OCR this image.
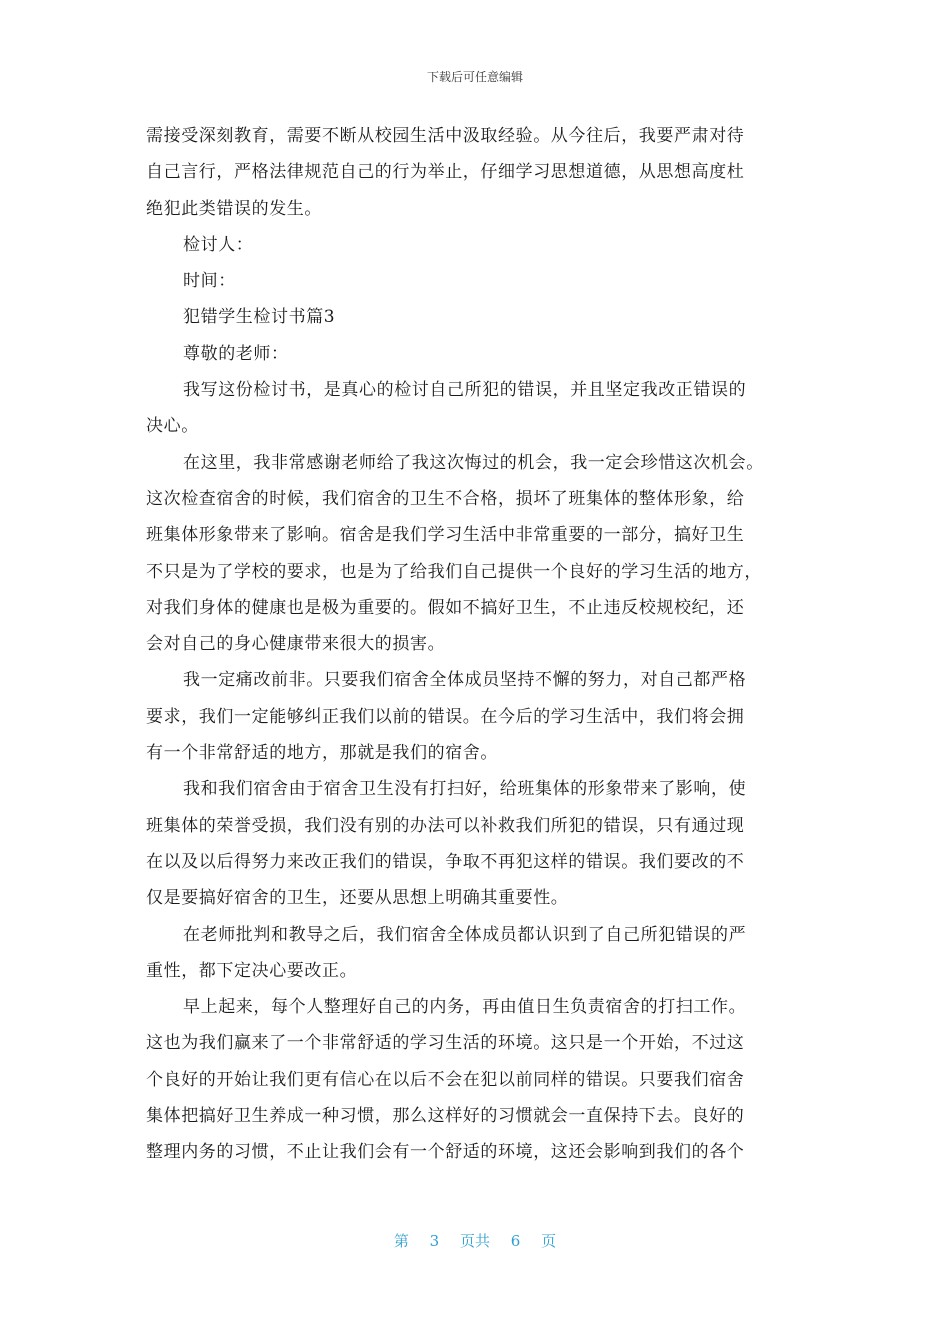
下载后可任意编辑
需接受深刻教育，需要不断从校园生活中汲取经验。从今往后，我要严肃对待
自己言行，严格法律规范自己的行为举止，仔细学习思想道德，从思想高度杜
绝犯此类错误的发生。
检讨人：
时间：
犯错学生检讨书篇3
尊敬的老师：
我写这份检讨书，是真心的检讨自己所犯的错误，并且坚定我改正错误的
决心。
在这里，我非常感谢老师给了我这次悔过的机会，我一定会珍惜这次机会。
这次检查宿舍的时候，我们宿舍的卫生不合格，损坏了班集体的整体形象，给
班集体形象带来了影响。宿舍是我们学习生活中非常重要的一部分，搞好卫生
不只是为了学校的要求，也是为了给我们自己提供一个良好的学习生活的地方，
对我们身体的健康也是极为重要的。假如不搞好卫生，不止违反校规校纪，还
会对自己的身心健康带来很大的损害。
我一定痛改前非。只要我们宿舍全体成员坚持不懈的努力，对自己都严格
要求，我们一定能够纠正我们以前的错误。在今后的学习生活中，我们将会拥
有一个非常舒适的地方，那就是我们的宿舍。
我和我们宿舍由于宿舍卫生没有打扫好，给班集体的形象带来了影响，使
班集体的荣誉受损，我们没有别的办法可以补救我们所犯的错误，只有通过现
在以及以后得努力来改正我们的错误，争取不再犯这样的错误。我们要改的不
仅是要搞好宿舍的卫生，还要从思想上明确其重要性。
在老师批判和教导之后，我们宿舍全体成员都认识到了自己所犯错误的严
重性，都下定决心要改正。
早上起来，每个人整理好自己的内务，再由值日生负责宿舍的打扫工作。
这也为我们赢来了一个非常舒适的学习生活的环境。这只是一个开始，不过这
个良好的开始让我们更有信心在以后不会在犯以前同样的错误。只要我们宿舍
集体把搞好卫生养成一种习惯，那么这样好的习惯就会一直保持下去。良好的
整理内务的习惯，不止让我们会有一个舒适的环境，这还会影响到我们的各个
第 3 页共 6 页
